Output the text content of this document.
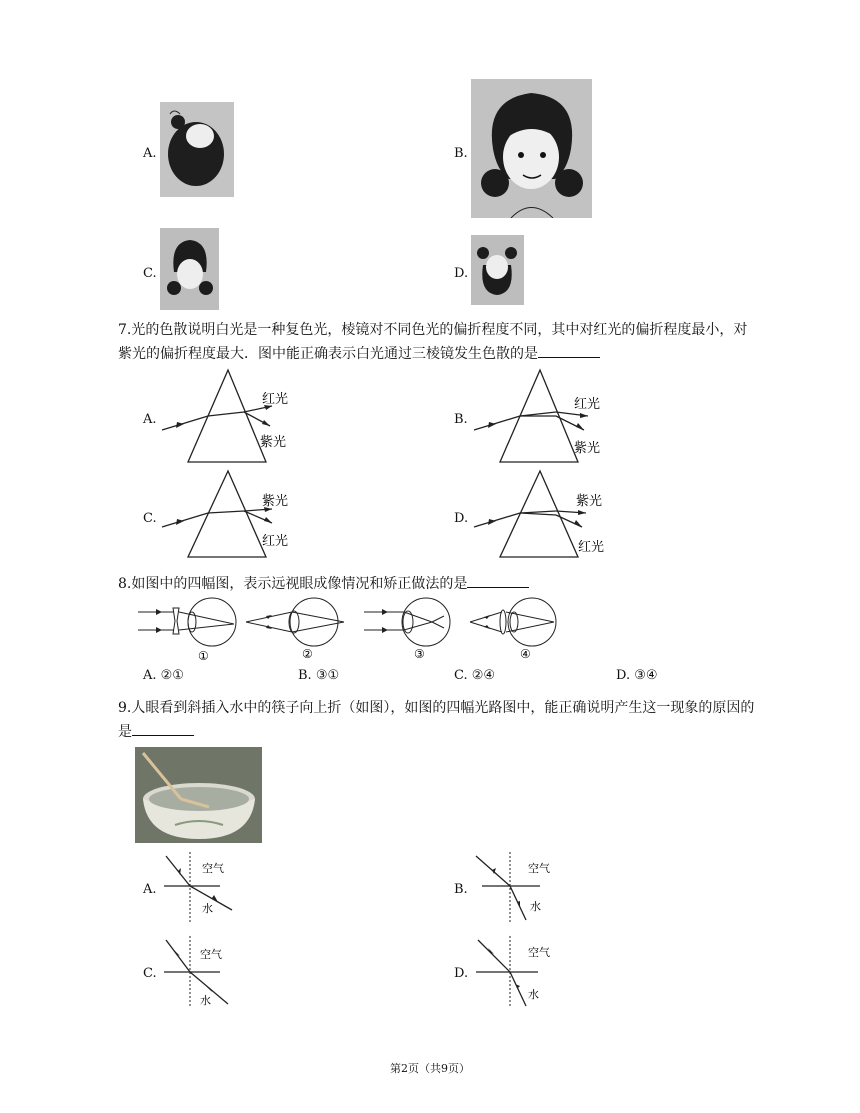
A.	B.
C.	D.
7.光的色散说明白光是一种复色光，棱镜对不同色光的偏折程度不同，其中对红光的偏折程度最小，对紫光的偏折程度最大．图中能正确表示白光通过三棱镜发生色散的是
A.
红光
紫光
B.
红光
紫光
C.
紫光
红光
D.
紫光
红光
8.如图中的四幅图，表示远视眼成像情况和矫正做法的是
①	②	③	④
A. ②①	B. ③①	C. ②④	D. ③④
9.人眼看到斜插入水中的筷子向上折（如图），如图的四幅光路图中，能正确说明产生这一现象的原因的是
A.
空气
水
B.
空气
水
C.
空气
水
D.
空气
水
第2页（共9页）
